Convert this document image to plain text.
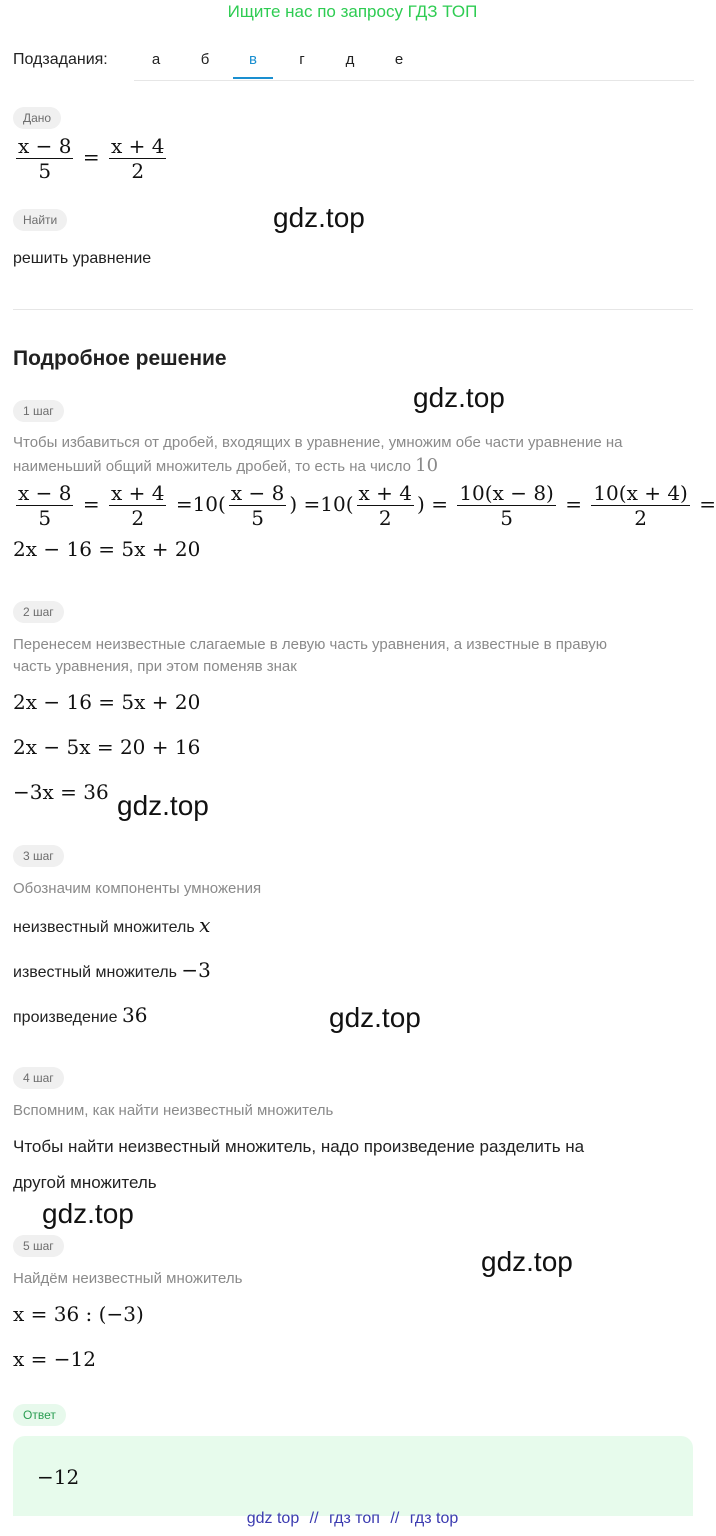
Ищите нас по запросу ГДЗ ТОП
Подзадания:	а	б	в	г	д	е
Дано
$\frac{x - 8}{5} = \frac{x + 4}{2}$
Найти
решить уравнение
Подробное решение
1 шаг
Чтобы избавиться от дробей, входящих в уравнение, умножим обе части уравнение на
наименьший общий множитель дробей, то есть на число 10
$\frac{x - 8}{5} = \frac{x + 4}{2} =10( \frac{x - 8}{5}$ ) $=10( \frac{x + 4}{2}$ ) = $\frac{10(x - 8)}{5} = \frac{10(x + 4)}{2}$ =
2x − 16 = 5x + 20
2 шаг
Перенесем неизвестные слагаемые в левую часть уравнения, а известные в правую
часть уравнения, при этом поменяв знак
2x − 16 = 5x + 20
2x − 5x = 20 + 16
−3x = 36
3 шаг
Обозначим компоненты умножения
неизвестный множитель x
известный множитель −3
произведение 36
4 шаг
Вспомним, как найти неизвестный множитель
Чтобы найти неизвестный множитель, надо произведение разделить на
другой множитель
5 шаг
Найдём неизвестный множитель
x = 36 : (−3)
x = −12
Ответ
−12
gdz.top
gdz.top
gdz.top
gdz.top
gdz.top
gdz.top
gdz top // гдз топ // гдз top
